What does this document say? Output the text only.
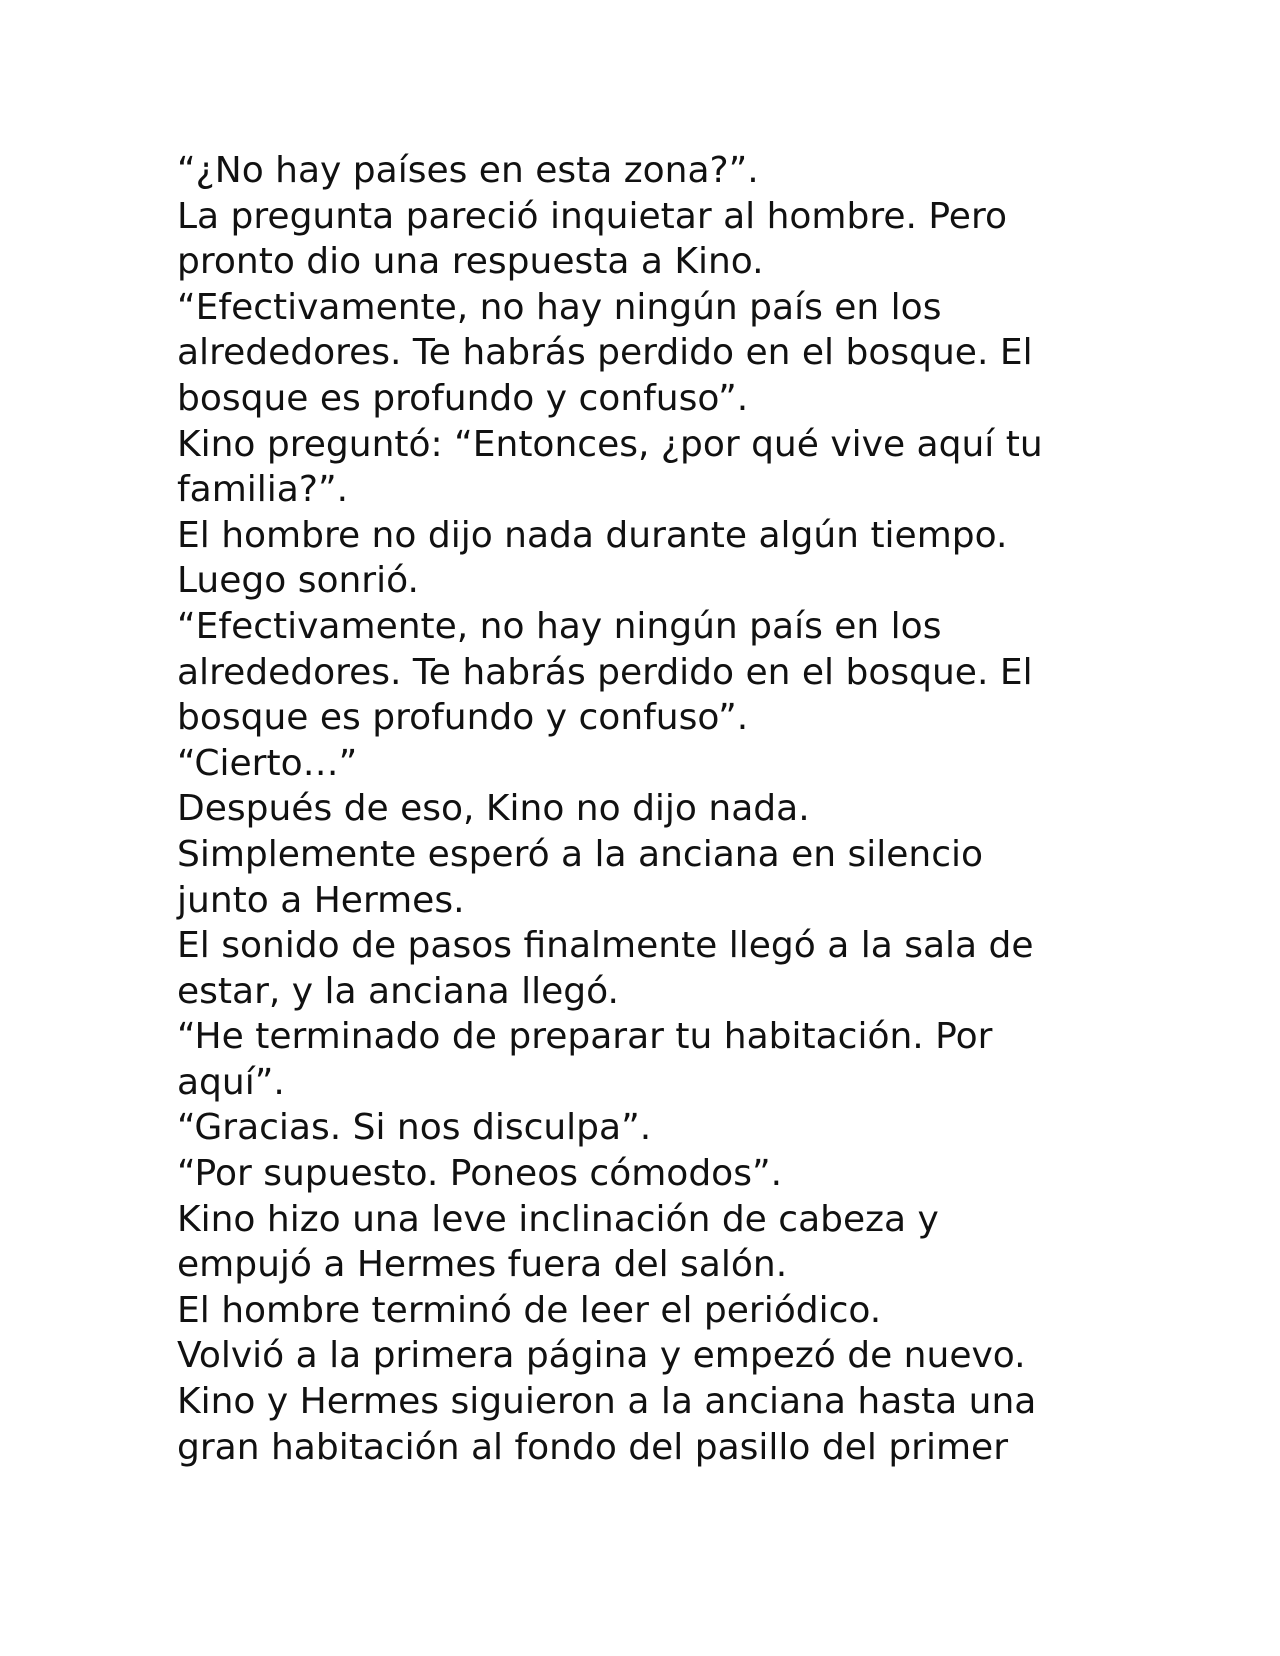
“¿No hay países en esta zona?”.

La pregunta pareció inquietar al hombre. Pero

pronto dio una respuesta a Kino.

“Efectivamente, no hay ningún país en los

alrededores. Te habrás perdido en el bosque. El

bosque es profundo y confuso”.

Kino preguntó: “Entonces, ¿por qué vive aquí tu

familia?”.

El hombre no dijo nada durante algún tiempo.

Luego sonrió.

“Efectivamente, no hay ningún país en los

alrededores. Te habrás perdido en el bosque. El

bosque es profundo y confuso”.

“Cierto…”

Después de eso, Kino no dijo nada.

Simplemente esperó a la anciana en silencio

junto a Hermes.

El sonido de pasos finalmente llegó a la sala de

estar, y la anciana llegó.

“He terminado de preparar tu habitación. Por

aquí”.

“Gracias. Si nos disculpa”.

“Por supuesto. Poneos cómodos”.

Kino hizo una leve inclinación de cabeza y

empujó a Hermes fuera del salón.

El hombre terminó de leer el periódico.

Volvió a la primera página y empezó de nuevo.

Kino y Hermes siguieron a la anciana hasta una

gran habitación al fondo del pasillo del primer
